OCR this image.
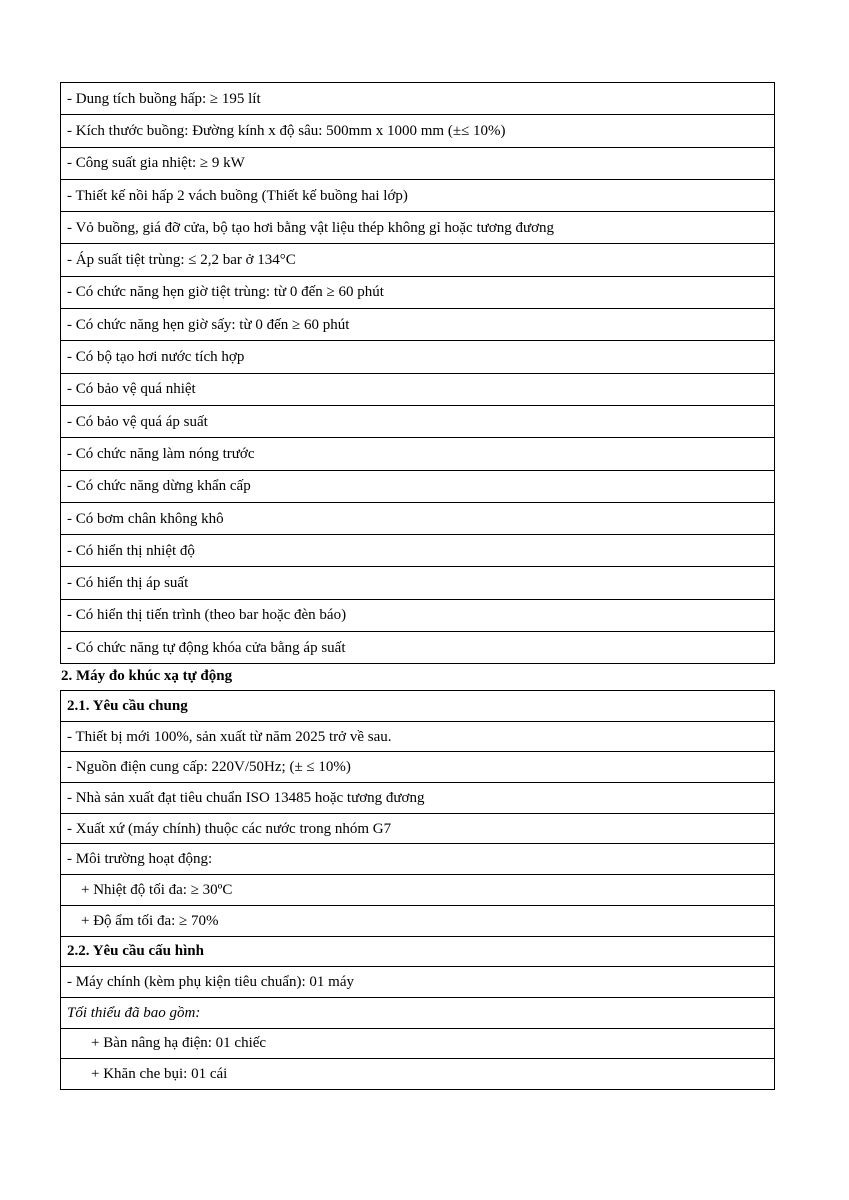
- Dung tích buồng hấp: ≥ 195 lít
- Kích thước buồng: Đường kính x độ sâu: 500mm x 1000 mm (±≤ 10%)
- Công suất gia nhiệt: ≥ 9 kW
- Thiết kế nồi hấp 2 vách buồng (Thiết kế buồng hai lớp)
- Vỏ buồng, giá đỡ cửa, bộ tạo hơi bằng vật liệu thép không gỉ hoặc tương đương
- Áp suất tiệt trùng: ≤ 2,2 bar ở 134°C
- Có chức năng hẹn giờ tiệt trùng: từ 0 đến ≥ 60 phút
- Có chức năng hẹn giờ sấy: từ 0 đến ≥ 60 phút
- Có bộ tạo hơi nước tích hợp
- Có bảo vệ quá nhiệt
- Có bảo vệ quá áp suất
- Có chức năng làm nóng trước
- Có chức năng dừng khẩn cấp
- Có bơm chân không khô
- Có hiển thị nhiệt độ
- Có hiển thị áp suất
- Có hiển thị tiến trình (theo bar hoặc đèn báo)
- Có chức năng tự động khóa cửa bằng áp suất
2. Máy đo khúc xạ tự động
2.1. Yêu cầu chung
- Thiết bị mới 100%, sản xuất từ năm 2025 trở về sau.
- Nguồn điện cung cấp: 220V/50Hz; (± ≤ 10%)
- Nhà sản xuất đạt tiêu chuẩn ISO 13485 hoặc tương đương
- Xuất xứ (máy chính) thuộc các nước trong nhóm G7
- Môi trường hoạt động:
+ Nhiệt độ tối đa: ≥ 30ºC
+ Độ ẩm tối đa: ≥ 70%
2.2. Yêu cầu cấu hình
- Máy chính (kèm phụ kiện tiêu chuẩn): 01 máy
Tối thiểu đã bao gồm:
+ Bàn nâng hạ điện: 01 chiếc
+ Khăn che bụi: 01 cái
